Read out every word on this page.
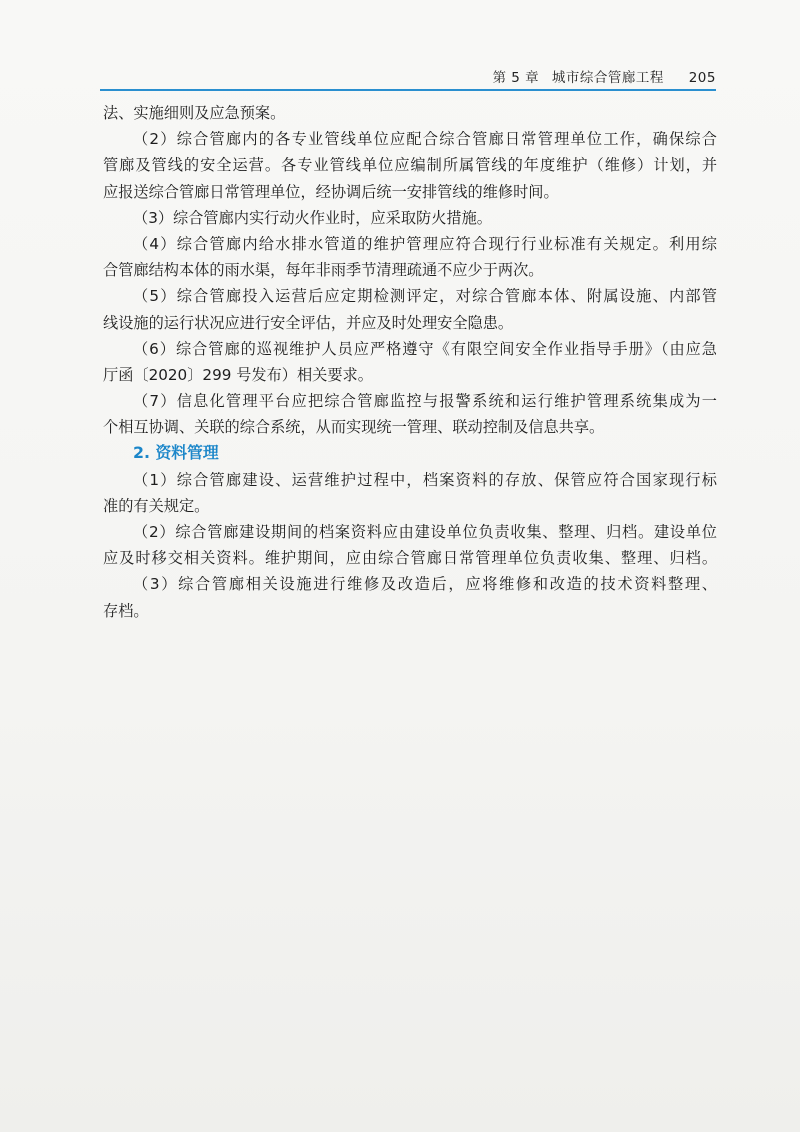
第 5 章 城市综合管廊工程 205
法、实施细则及应急预案。
（2）综合管廊内的各专业管线单位应配合综合管廊日常管理单位工作，确保综合
管廊及管线的安全运营。各专业管线单位应编制所属管线的年度维护（维修）计划，并
应报送综合管廊日常管理单位，经协调后统一安排管线的维修时间。
（3）综合管廊内实行动火作业时，应采取防火措施。
（4）综合管廊内给水排水管道的维护管理应符合现行行业标准有关规定。利用综
合管廊结构本体的雨水渠，每年非雨季节清理疏通不应少于两次。
（5）综合管廊投入运营后应定期检测评定，对综合管廊本体、附属设施、内部管
线设施的运行状况应进行安全评估，并应及时处理安全隐患。
（6）综合管廊的巡视维护人员应严格遵守《有限空间安全作业指导手册》（由应急
厅函〔2020〕299 号发布）相关要求。
（7）信息化管理平台应把综合管廊监控与报警系统和运行维护管理系统集成为一
个相互协调、关联的综合系统，从而实现统一管理、联动控制及信息共享。
2. 资料管理
（1）综合管廊建设、运营维护过程中，档案资料的存放、保管应符合国家现行标
准的有关规定。
（2）综合管廊建设期间的档案资料应由建设单位负责收集、整理、归档。建设单位
应及时移交相关资料。维护期间，应由综合管廊日常管理单位负责收集、整理、归档。
（3）综合管廊相关设施进行维修及改造后，应将维修和改造的技术资料整理、
存档。
